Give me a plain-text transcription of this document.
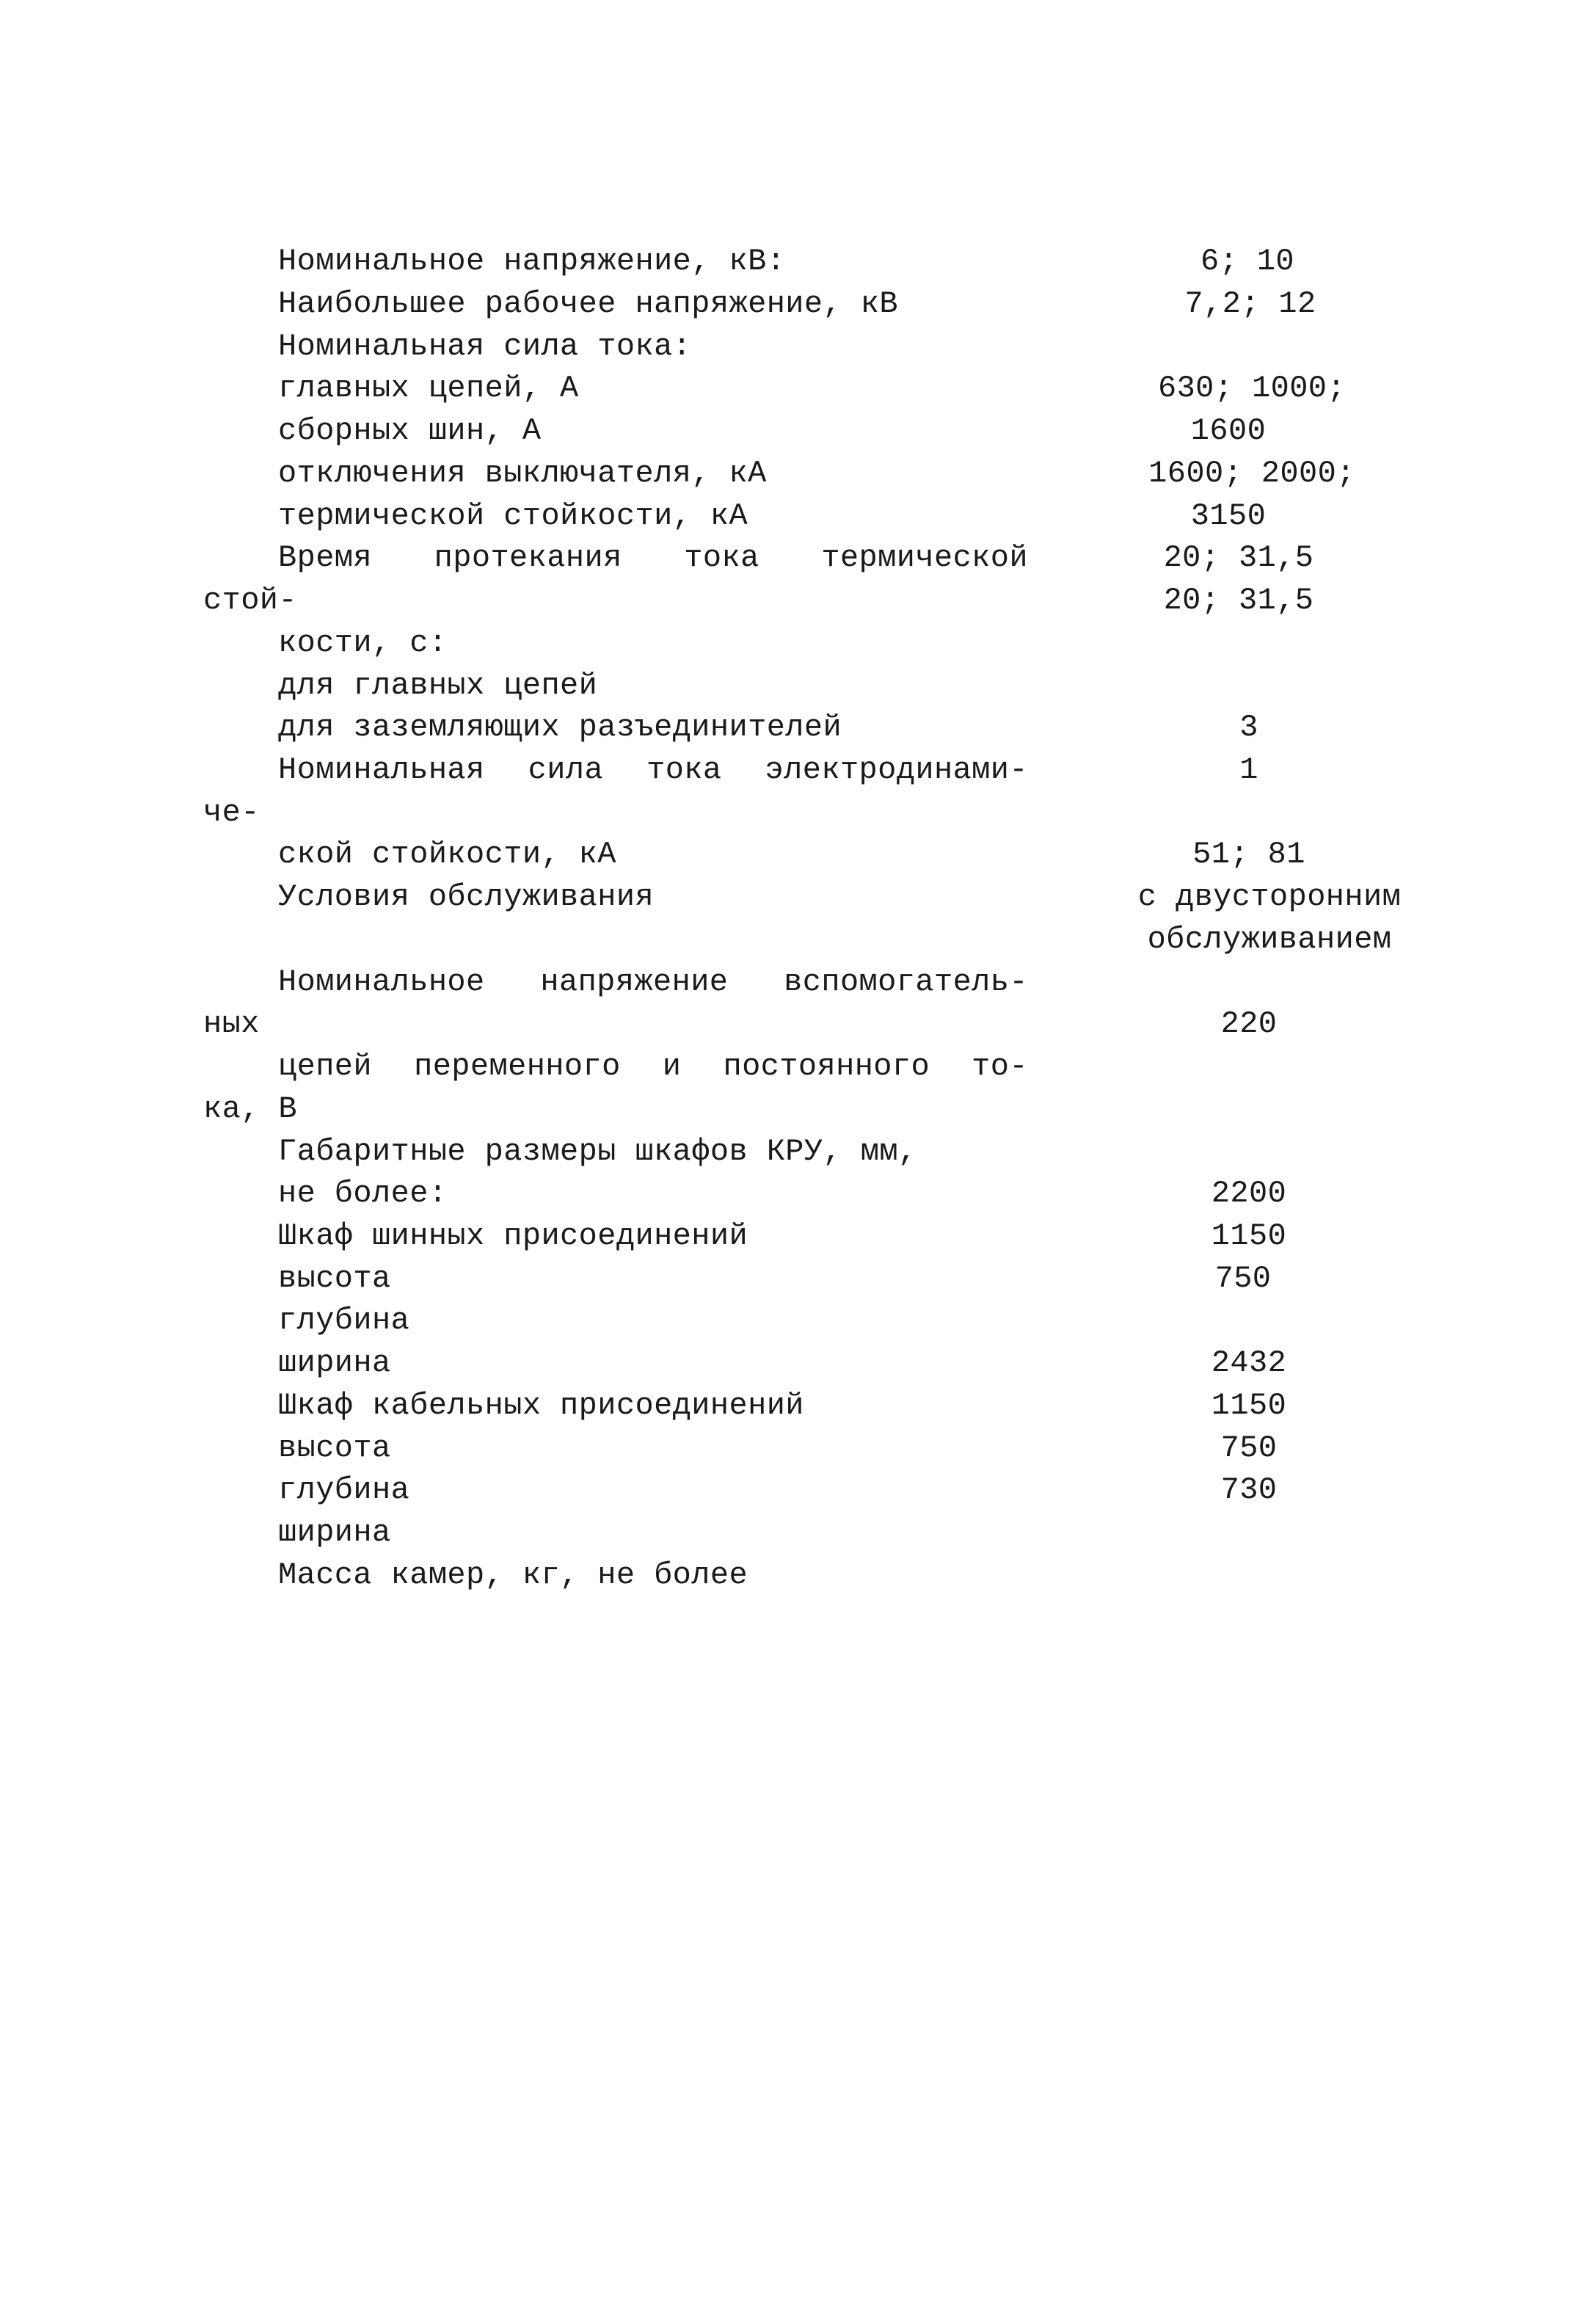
Номинальное напряжение, кВ:
Наибольшее рабочее напряжение, кВ
Номинальная сила тока:
главных цепей, А
сборных шин, А
отключения выключателя, кА
термической стойкости, кА
Время протекания тока термической
стой-
кости, с:
для главных цепей
для заземляющих разъединителей
Номинальная сила тока электродинами-
че-
ской стойкости, кА
Условия обслуживания
Номинальное напряжение вспомогатель-
ных
цепей переменного и постоянного то-
ка, В
Габаритные размеры шкафов КРУ, мм,
не более:
Шкаф шинных присоединений
высота
глубина
ширина
Шкаф кабельных присоединений
высота
глубина
ширина
Масса камер, кг, не более
6; 10
7,2; 12
630; 1000;
1600
1600; 2000;
3150
20; 31,5
20; 31,5
3
1
51; 81
с двусторонним
обслуживанием
220
2200
1150
750
2432
1150
750
730
